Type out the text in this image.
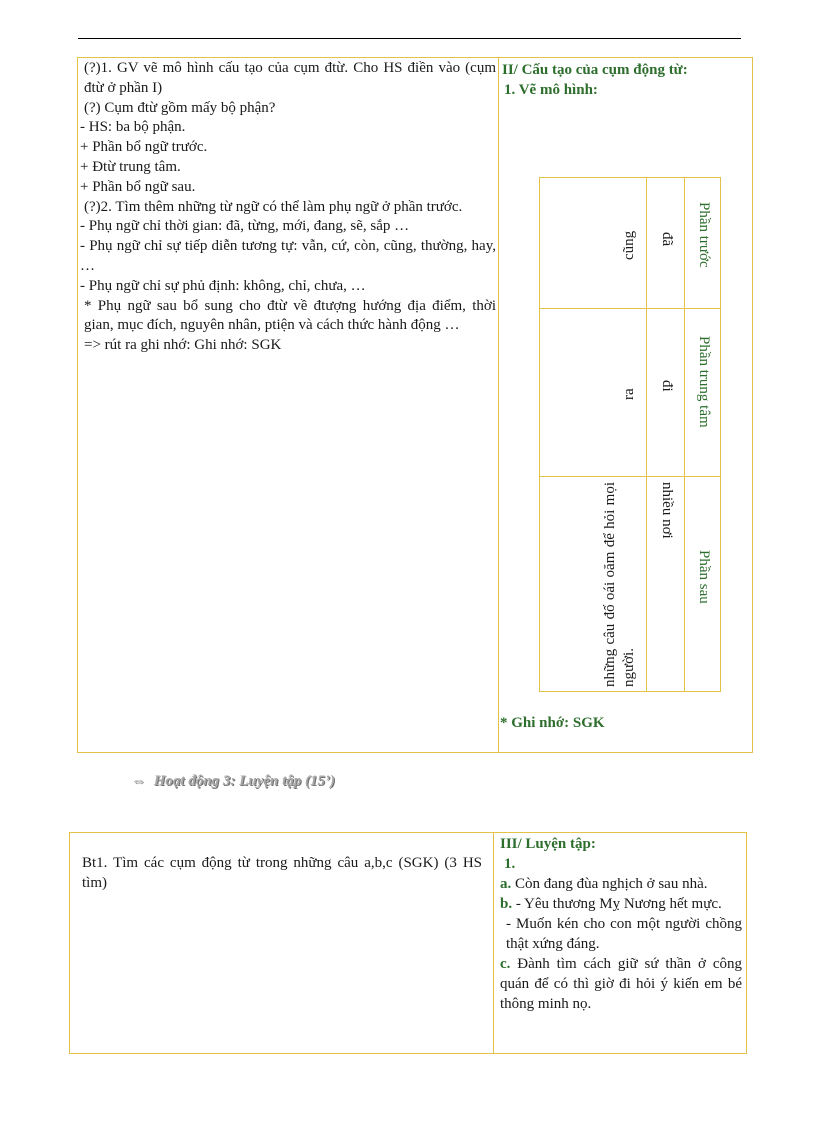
(?)1. GV vẽ mô hình cấu tạo của cụm đtừ. Cho HS điền vào (cụm đtừ ở phần I)

(?) Cụm đtừ gồm mấy bộ phận?

- HS: ba bộ phận.

+ Phần bổ ngữ trước.

+ Đtừ trung tâm.

+ Phần bổ ngữ sau.

(?)2. Tìm thêm những từ ngữ có thể làm phụ ngữ ở phần trước.

- Phụ ngữ chỉ thời gian: đã, từng, mới, đang, sẽ, sắp …

- Phụ ngữ chỉ sự tiếp diễn tương tự: vẫn, cứ, còn, cũng, thường, hay, …

- Phụ ngữ chỉ sự phủ định: không, chỉ, chưa, …

* Phụ ngữ sau bổ sung cho đtừ về đtượng hướng địa điểm, thời gian, mục đích, nguyên nhân, ptiện và cách thức hành động …

=> rút ra ghi nhớ: Ghi nhớ: SGK

II/ Cấu tạo của cụm động từ:
1. Vẽ mô hình:
* Ghi nhớ: SGK
Phần trước
Phần trung tâm
Phần sau
đã
đi
nhiều nơi
cũng
ra
những câu đố oái oăm để hỏi mọi người.
⇔ Hoạt động 3: Luyện tập (15’)

Bt1. Tìm các cụm động từ trong những câu a,b,c (SGK) (3 HS tìm)

III/ Luyện tập:

1.

a. Còn đang đùa nghịch ở sau nhà.

b. - Yêu thương Mỵ Nương hết mực.

- Muốn kén cho con một người chồng thật xứng đáng.

c. Đành tìm cách giữ sứ thần ở công quán để có thì giờ đi hỏi ý kiến em bé thông minh nọ.
